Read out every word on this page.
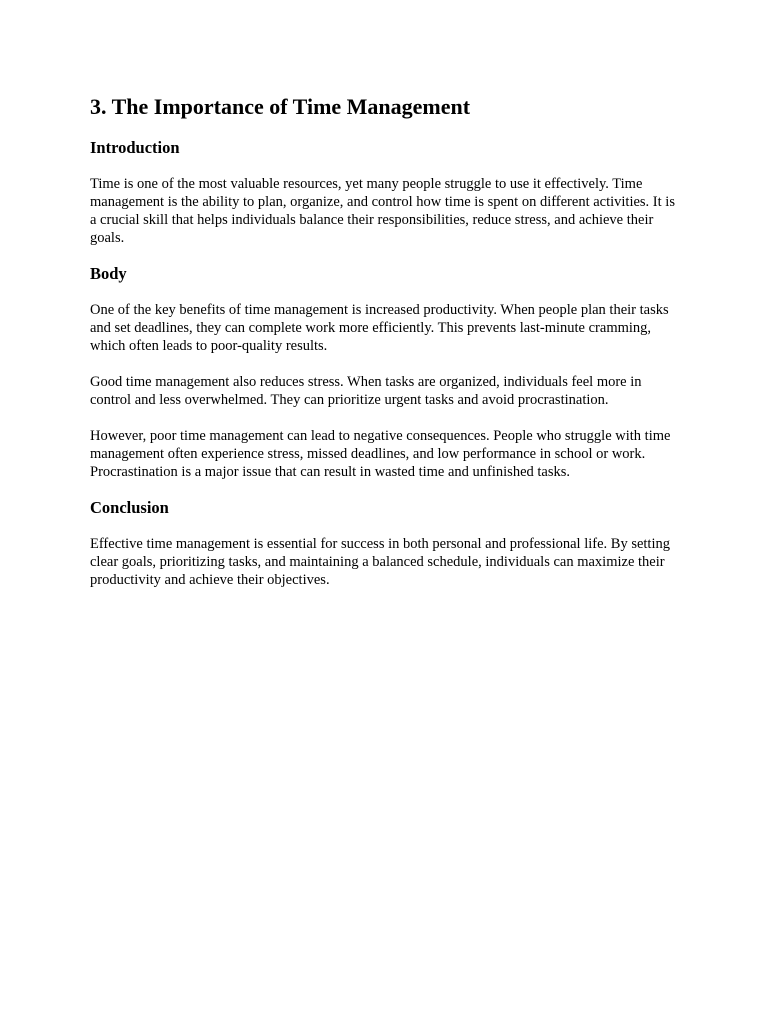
3. The Importance of Time Management
Introduction

Time is one of the most valuable resources, yet many people struggle to use it effectively. Time management is the ability to plan, organize, and control how time is spent on different activities. It is a crucial skill that helps individuals balance their responsibilities, reduce stress, and achieve their goals.

Body

One of the key benefits of time management is increased productivity. When people plan their tasks and set deadlines, they can complete work more efficiently. This prevents last-minute cramming, which often leads to poor-quality results.

Good time management also reduces stress. When tasks are organized, individuals feel more in control and less overwhelmed. They can prioritize urgent tasks and avoid procrastination.

However, poor time management can lead to negative consequences. People who struggle with time management often experience stress, missed deadlines, and low performance in school or work. Procrastination is a major issue that can result in wasted time and unfinished tasks.

Conclusion

Effective time management is essential for success in both personal and professional life. By setting clear goals, prioritizing tasks, and maintaining a balanced schedule, individuals can maximize their productivity and achieve their objectives.
